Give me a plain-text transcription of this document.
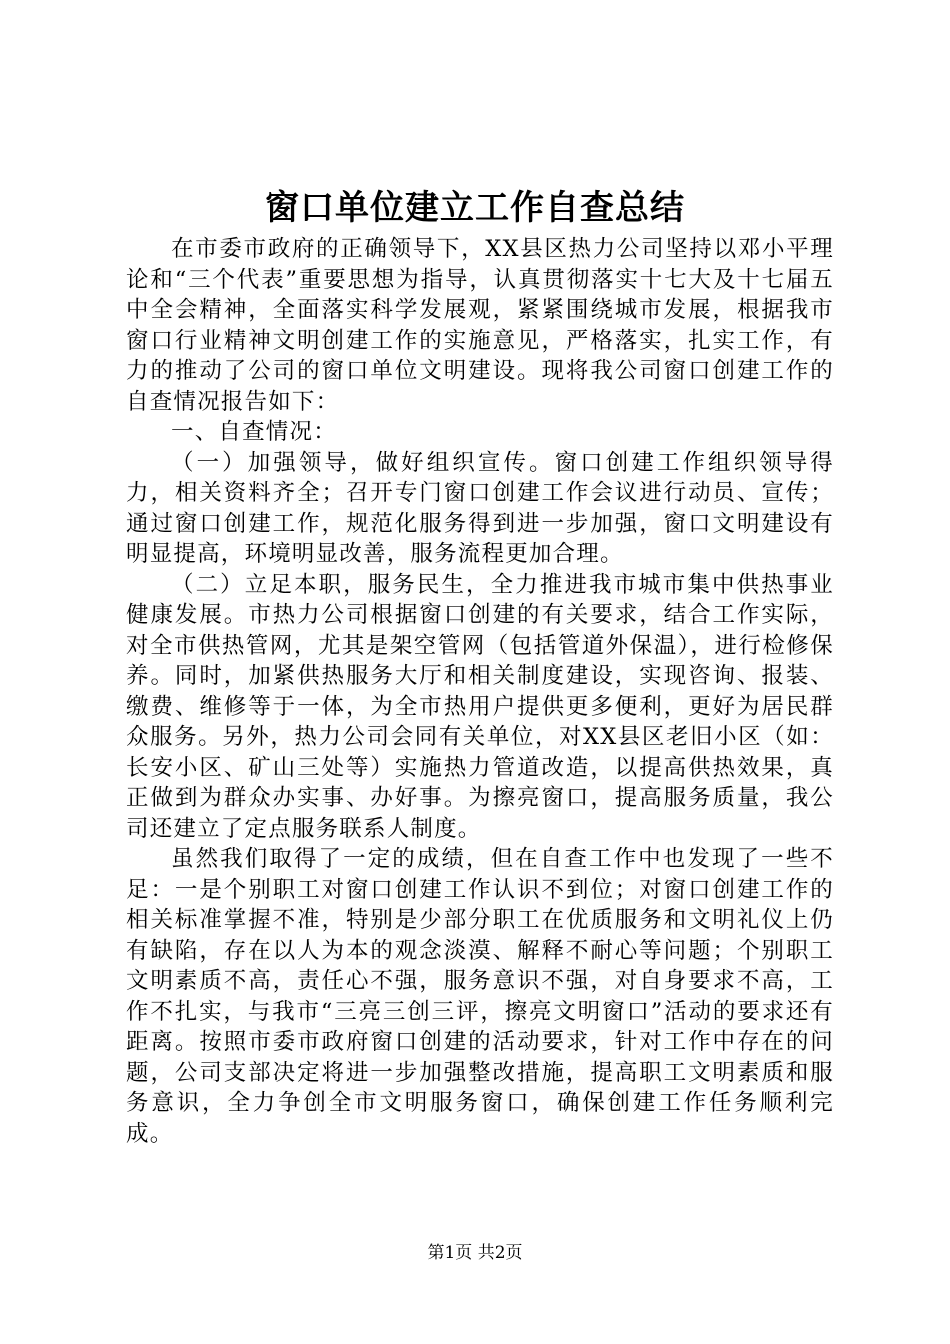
窗口单位建立工作自查总结

在市委市政府的正确领导下，XX县区热力公司坚持以邓小平理论和“三个代表”重要思想为指导，认真贯彻落实十七大及十七届五中全会精神，全面落实科学发展观，紧紧围绕城市发展，根据我市窗口行业精神文明创建工作的实施意见，严格落实，扎实工作，有力的推动了公司的窗口单位文明建设。现将我公司窗口创建工作的自查情况报告如下：

一、自查情况：

（一）加强领导，做好组织宣传。窗口创建工作组织领导得力，相关资料齐全；召开专门窗口创建工作会议进行动员、宣传；通过窗口创建工作，规范化服务得到进一步加强，窗口文明建设有明显提高，环境明显改善，服务流程更加合理。

（二）立足本职，服务民生，全力推进我市城市集中供热事业健康发展。市热力公司根据窗口创建的有关要求，结合工作实际，对全市供热管网，尤其是架空管网（包括管道外保温），进行检修保养。同时，加紧供热服务大厅和相关制度建设，实现咨询、报装、缴费、维修等于一体，为全市热用户提供更多便利，更好为居民群众服务。另外，热力公司会同有关单位，对XX县区老旧小区（如：长安小区、矿山三处等）实施热力管道改造，以提高供热效果，真正做到为群众办实事、办好事。为擦亮窗口，提高服务质量，我公司还建立了定点服务联系人制度。

虽然我们取得了一定的成绩，但在自查工作中也发现了一些不足：一是个别职工对窗口创建工作认识不到位；对窗口创建工作的相关标准掌握不准，特别是少部分职工在优质服务和文明礼仪上仍有缺陷，存在以人为本的观念淡漠、解释不耐心等问题；个别职工文明素质不高，责任心不强，服务意识不强，对自身要求不高，工作不扎实，与我市“三亮三创三评，擦亮文明窗口”活动的要求还有距离。按照市委市政府窗口创建的活动要求，针对工作中存在的问题，公司支部决定将进一步加强整改措施，提高职工文明素质和服务意识，全力争创全市文明服务窗口，确保创建工作任务顺利完成。

第1页 共2页
